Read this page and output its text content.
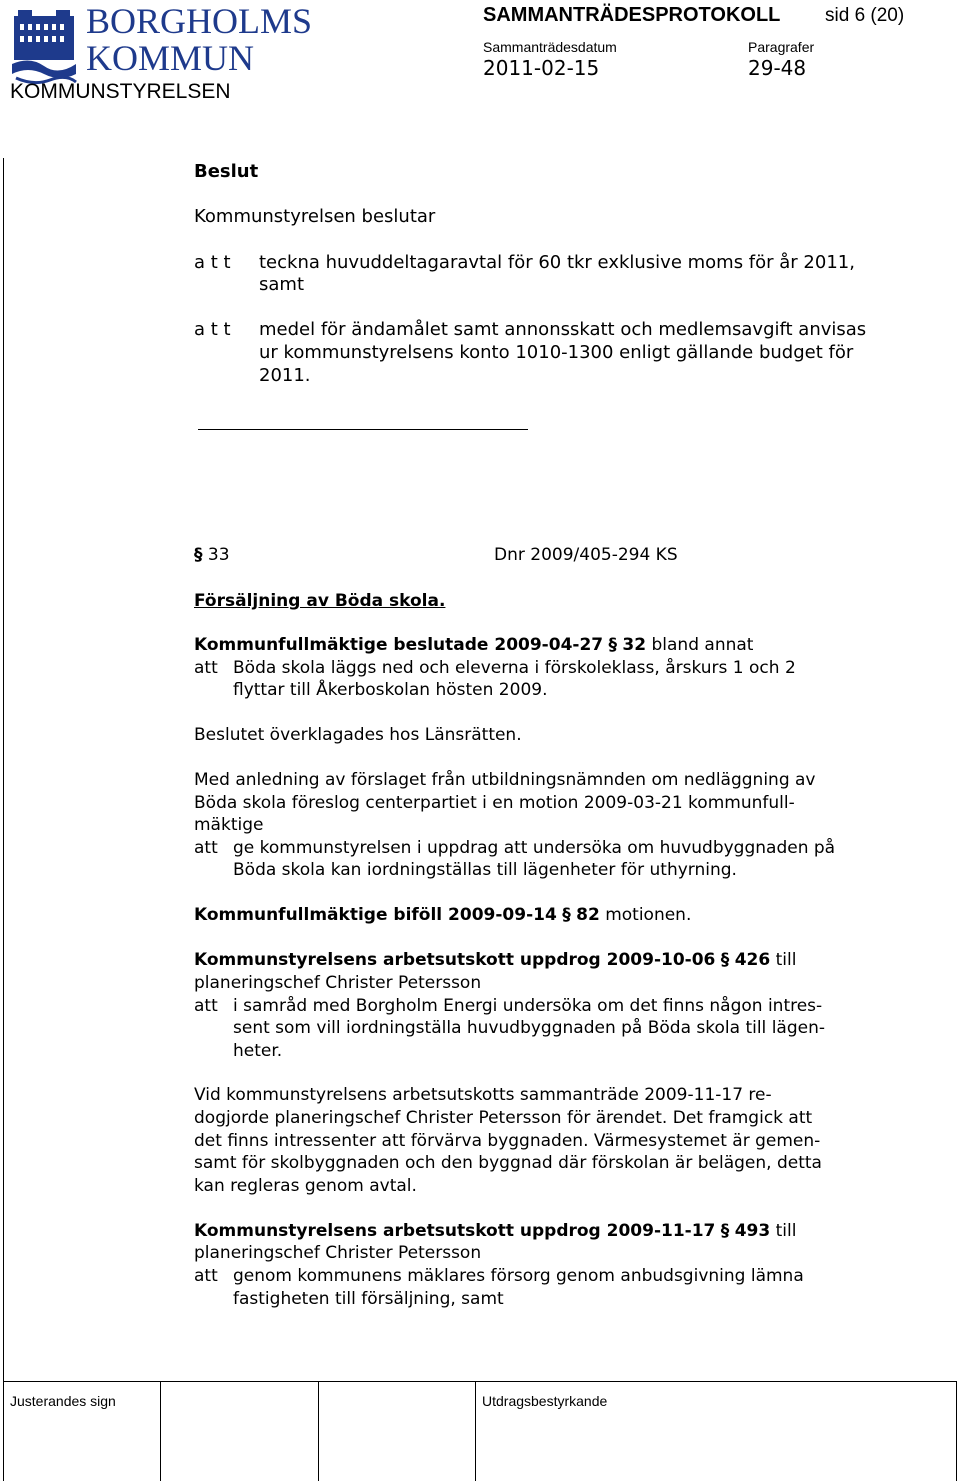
BORGHOLMS
KOMMUN
KOMMUNSTYRELSEN
SAMMANTRÄDESPROTOKOLL sid 6 (20)
Sammanträdesdatum
2011-02-15
Paragrafer
29-48
Beslut
Kommunstyrelsen beslutar
a t t teckna huvuddeltagaravtal för 60 tkr exklusive moms för år 2011,
samt
a t t medel för ändamålet samt annonsskatt och medlemsavgift anvisas
ur kommunstyrelsens konto 1010-1300 enligt gällande budget för
2011.
§ 33	Dnr 2009/405-294 KS
Försäljning av Böda skola.
Kommunfullmäktige beslutade 2009-04-27 § 32 bland annat
att Böda skola läggs ned och eleverna i förskoleklass, årskurs 1 och 2
flyttar till Åkerboskolan hösten 2009.
Beslutet överklagades hos Länsrätten.
Med anledning av förslaget från utbildningsnämnden om nedläggning av
Böda skola föreslog centerpartiet i en motion 2009-03-21 kommunfull-
mäktige
att ge kommunstyrelsen i uppdrag att undersöka om huvudbyggnaden på
Böda skola kan iordningställas till lägenheter för uthyrning.
Kommunfullmäktige biföll 2009-09-14 § 82 motionen.
Kommunstyrelsens arbetsutskott uppdrog 2009-10-06 § 426 till
planeringschef Christer Petersson
att i samråd med Borgholm Energi undersöka om det finns någon intres-
sent som vill iordningställa huvudbyggnaden på Böda skola till lägen-
heter.
Vid kommunstyrelsens arbetsutskotts sammanträde 2009-11-17 re-
dogjorde planeringschef Christer Petersson för ärendet. Det framgick att
det finns intressenter att förvärva byggnaden. Värmesystemet är gemen-
samt för skolbyggnaden och den byggnad där förskolan är belägen, detta
kan regleras genom avtal.
Kommunstyrelsens arbetsutskott uppdrog 2009-11-17 § 493 till
planeringschef Christer Petersson
att genom kommunens mäklares försorg genom anbudsgivning lämna
fastigheten till försäljning, samt
Justerandes sign	Utdragsbestyrkande
